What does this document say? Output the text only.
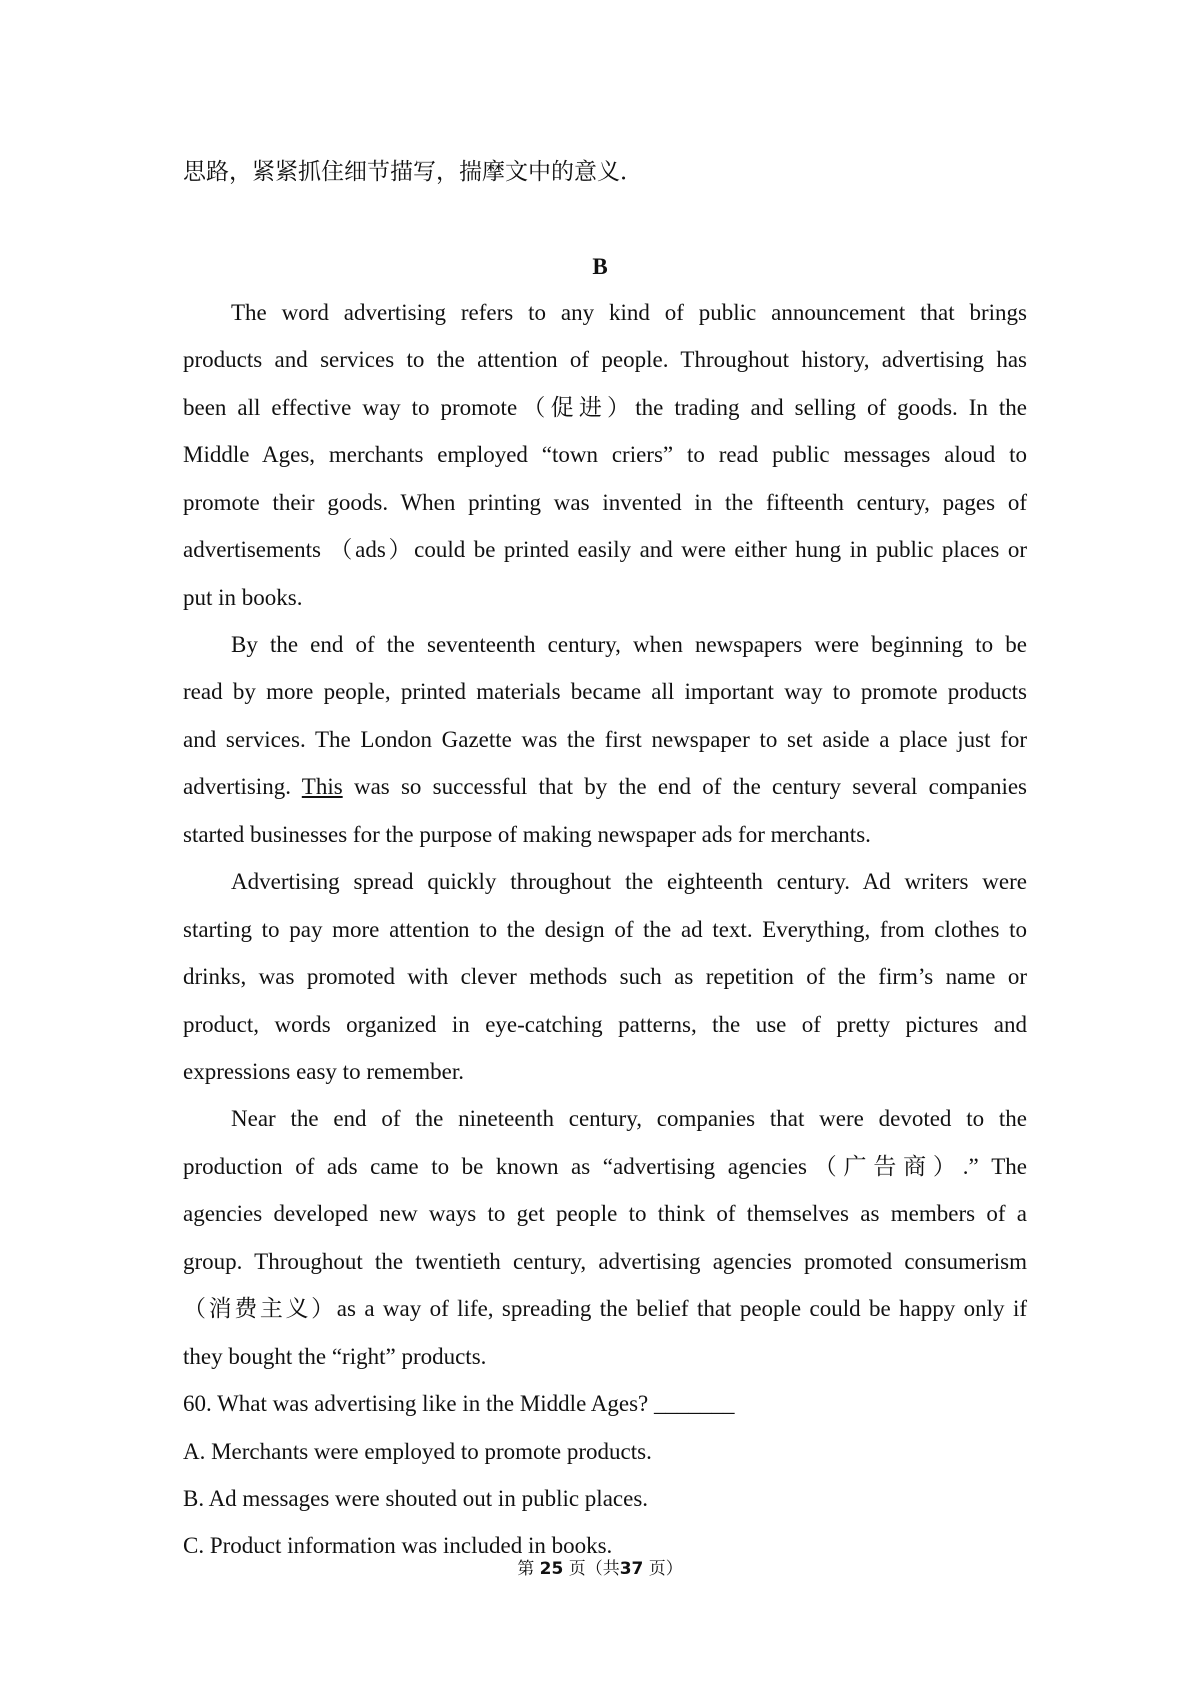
思路，紧紧抓住细节描写，揣摩文中的意义．
B
The word advertising refers to any kind of public announcement that brings
products and services to the attention of people. Throughout history, advertising has
been all effective way to promote（促进）the trading and selling of goods. In the
Middle Ages, merchants employed “town criers” to read public messages aloud to
promote their goods. When printing was invented in the fifteenth century, pages of
advertisements （ads）could be printed easily and were either hung in public places or
put in books.
By the end of the seventeenth century, when newspapers were beginning to be
read by more people, printed materials became all important way to promote products
and services. The London Gazette was the first newspaper to set aside a place just for
advertising. This was so successful that by the end of the century several companies
started businesses for the purpose of making newspaper ads for merchants.
Advertising spread quickly throughout the eighteenth century. Ad writers were
starting to pay more attention to the design of the ad text. Everything, from clothes to
drinks, was promoted with clever methods such as repetition of the firm’s name or
product, words organized in eye-catching patterns, the use of pretty pictures and
expressions easy to remember.
Near the end of the nineteenth century, companies that were devoted to the
production of ads came to be known as “advertising agencies（广告商）.” The
agencies developed new ways to get people to think of themselves as members of a
group. Throughout the twentieth century, advertising agencies promoted consumerism
（消费主义）as a way of life, spreading the belief that people could be happy only if
they bought the “right” products.
60. What was advertising like in the Middle Ages? _______
A. Merchants were employed to promote products.
B. Ad messages were shouted out in public places.
C. Product information was included in books.
第 25 页（共37 页）
